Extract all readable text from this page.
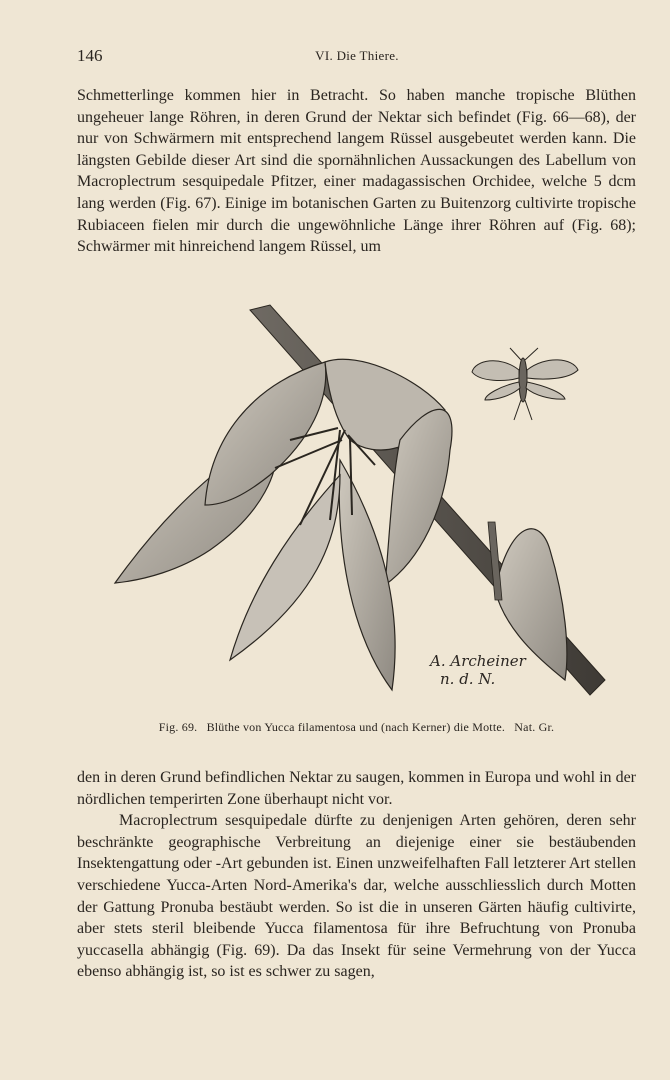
146	VI. Die Thiere.

Schmetterlinge kommen hier in Betracht. So haben manche tropische Blüthen ungeheuer lange Röhren, in deren Grund der Nektar sich befindet (Fig. 66—68), der nur von Schwärmern mit entsprechend langem Rüssel ausgebeutet werden kann. Die längsten Gebilde dieser Art sind die spornähnlichen Aussackungen des Labellum von Macroplectrum sesquipedale Pfitzer, einer madagassischen Orchidee, welche 5 dcm lang werden (Fig. 67). Einige im botanischen Garten zu Buitenzorg cultivirte tropische Rubiaceen fielen mir durch die ungewöhnliche Länge ihrer Röhren auf (Fig. 68); Schwärmer mit hinreichend langem Rüssel, um

A. Archeiner
n. d. N.
Fig. 69. Blüthe von Yucca filamentosa und (nach Kerner) die Motte. Nat. Gr.

den in deren Grund befindlichen Nektar zu saugen, kommen in Europa und wohl in der nördlichen temperirten Zone überhaupt nicht vor.

Macroplectrum sesquipedale dürfte zu denjenigen Arten gehören, deren sehr beschränkte geographische Verbreitung an diejenige einer sie bestäubenden Insektengattung oder -Art gebunden ist. Einen unzweifelhaften Fall letzterer Art stellen verschiedene Yucca-Arten Nord-Amerika's dar, welche ausschliesslich durch Motten der Gattung Pronuba bestäubt werden. So ist die in unseren Gärten häufig cultivirte, aber stets steril bleibende Yucca filamentosa für ihre Befruchtung von Pronuba yuccasella abhängig (Fig. 69). Da das Insekt für seine Vermehrung von der Yucca ebenso abhängig ist, so ist es schwer zu sagen,
